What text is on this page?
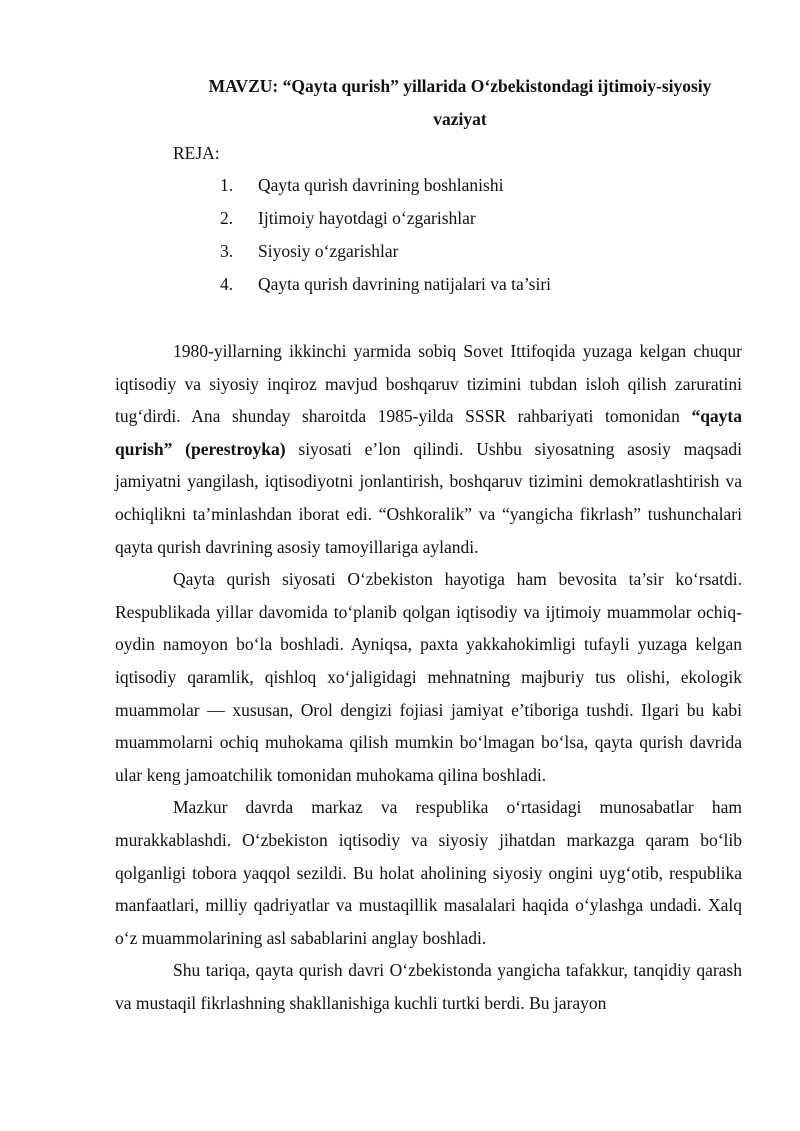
MAVZU: “Qayta qurish” yillarida O‘zbekistondagi ijtimoiy-siyosiy
vaziyat
REJA:
1.	Qayta qurish davrining boshlanishi
2.	Ijtimoiy hayotdagi o‘zgarishlar
3.	Siyosiy o‘zgarishlar
4.	Qayta qurish davrining natijalari va ta’siri

1980-yillarning ikkinchi yarmida sobiq Sovet Ittifoqida yuzaga kelgan chuqur iqtisodiy va siyosiy inqiroz mavjud boshqaruv tizimini tubdan isloh qilish zaruratini tug‘dirdi. Ana shunday sharoitda 1985-yilda SSSR rahbariyati tomonidan “qayta qurish” (perestroyka) siyosati e’lon qilindi. Ushbu siyosatning asosiy maqsadi jamiyatni yangilash, iqtisodiyotni jonlantirish, boshqaruv tizimini demokratlashtirish va ochiqlikni ta’minlashdan iborat edi. “Oshkoralik” va “yangicha fikrlash” tushunchalari qayta qurish davrining asosiy tamoyillariga aylandi.

Qayta qurish siyosati O‘zbekiston hayotiga ham bevosita ta’sir ko‘rsatdi. Respublikada yillar davomida to‘planib qolgan iqtisodiy va ijtimoiy muammolar ochiq-oydin namoyon bo‘la boshladi. Ayniqsa, paxta yakkahokimligi tufayli yuzaga kelgan iqtisodiy qaramlik, qishloq xo‘jaligidagi mehnatning majburiy tus olishi, ekologik muammolar — xususan, Orol dengizi fojiasi jamiyat e’tiboriga tushdi. Ilgari bu kabi muammolarni ochiq muhokama qilish mumkin bo‘lmagan bo‘lsa, qayta qurish davrida ular keng jamoatchilik tomonidan muhokama qilina boshladi.

Mazkur davrda markaz va respublika o‘rtasidagi munosabatlar ham murakkablashdi. O‘zbekiston iqtisodiy va siyosiy jihatdan markazga qaram bo‘lib qolganligi tobora yaqqol sezildi. Bu holat aholining siyosiy ongini uyg‘otib, respublika manfaatlari, milliy qadriyatlar va mustaqillik masalalari haqida o‘ylashga undadi. Xalq o‘z muammolarining asl sabablarini anglay boshladi.

Shu tariqa, qayta qurish davri O‘zbekistonda yangicha tafakkur, tanqidiy qarash va mustaqil fikrlashning shakllanishiga kuchli turtki berdi. Bu jarayon
